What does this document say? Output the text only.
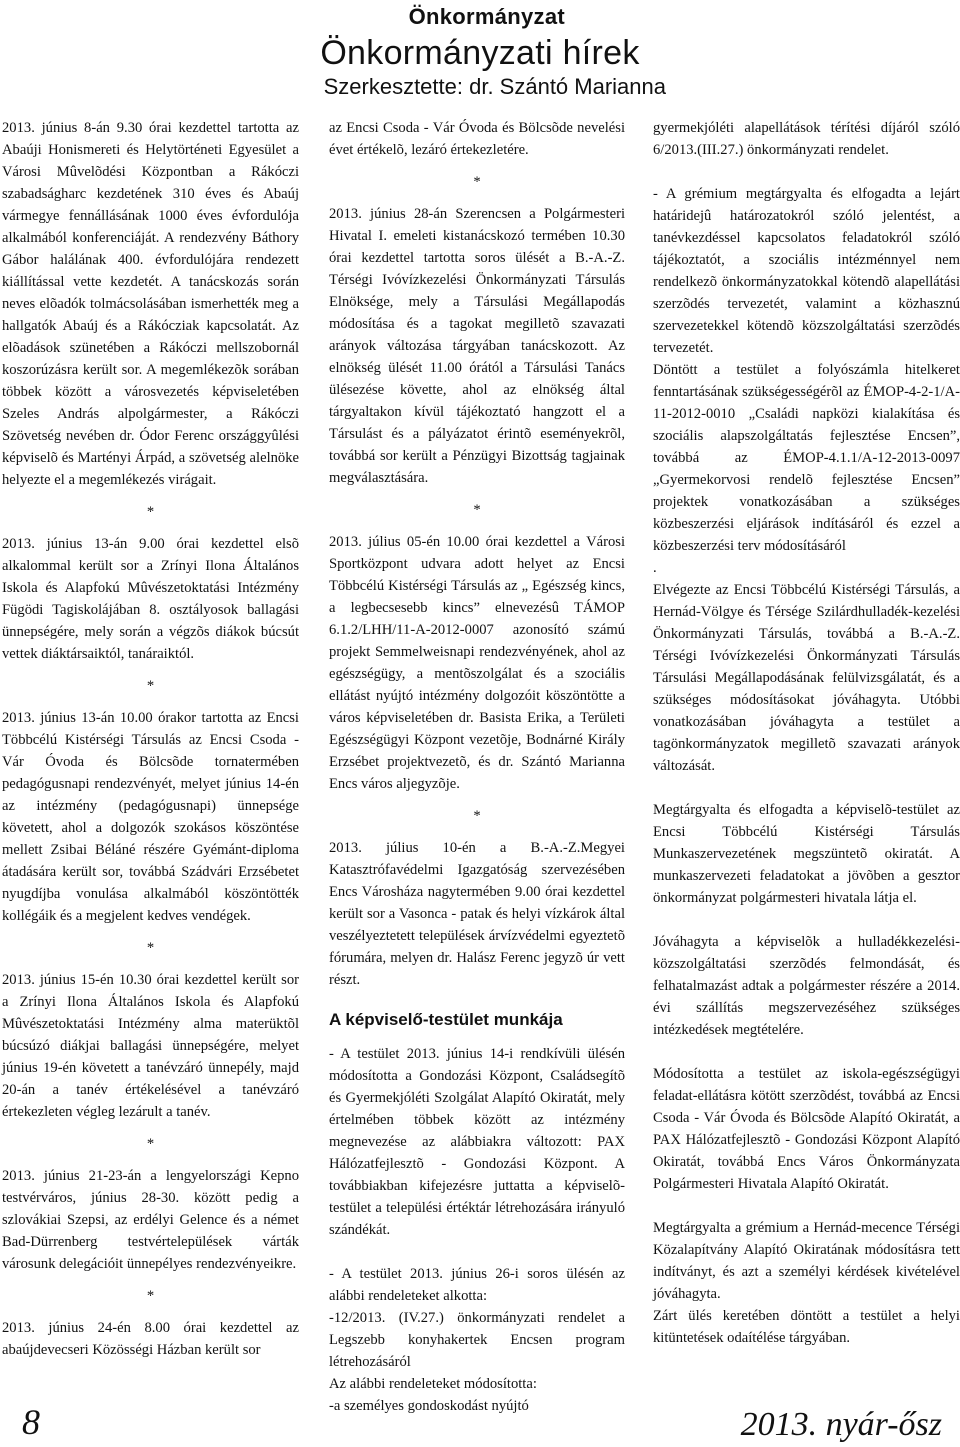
Önkormányzat
Önkormányzati hírek
Szerkesztette: dr. Szántó Marianna

2013. június 8-án 9.30 órai kezdettel tartotta az Abaúji Honismereti és Helytörténeti Egyesület a Városi Mûvelõdési Központban a Rákóczi szabadságharc kezdetének 310 éves és Abaúj vármegye fennállásának 1000 éves évfordulója alkalmából konferenciáját. A rendezvény Báthory Gábor halálának 400. évfordulójára rendezett kiállítással vette kezdetét. A tanácskozás során neves elõadók tolmácsolásában ismerhették meg a hallgatók Abaúj és a Rákócziak kapcsolatát. Az elõadások szünetében a Rákóczi mellszobornál koszorúzásra került sor. A megemlékezõk sorában többek között a városvezetés képviseletében Szeles András alpolgármester, a Rákóczi Szövetség nevében dr. Ódor Ferenc országgyûlési képviselõ és Martényi Árpád, a szövetség alelnöke helyezte el a megemlékezés virágait.

*

2013. június 13-án 9.00 órai kezdettel elsõ alkalommal került sor a Zrínyi Ilona Általános Iskola és Alapfokú Mûvészetoktatási Intézmény Fügödi Tagiskolájában 8. osztályosok ballagási ünnepségére, mely során a végzõs diákok búcsút vettek diáktársaiktól, tanáraiktól.

*

2013. június 13-án 10.00 órakor tartotta az Encsi Többcélú Kistérségi Társulás az Encsi Csoda - Vár Óvoda és Bölcsõde tornatermében pedagógusnapi rendezvényét, melyet június 14-én az intézmény (pedagógusnapi) ünnepsége követett, ahol a dolgozók szokásos köszöntése mellett Zsibai Béláné részére Gyémánt-diploma átadására került sor, továbbá Szádvári Erzsébetet nyugdíjba vonulása alkalmából köszöntötték kollégáik és a megjelent kedves vendégek.

*

2013. június 15-én 10.30 órai kezdettel került sor a Zrínyi Ilona Általános Iskola és Alapfokú Mûvészetoktatási Intézmény alma materüktõl búcsúzó diákjai ballagási ünnepségére, melyet június 19-én követett a tanévzáró ünnepély, majd 20-án a tanév értékelésével a tanévzáró értekezleten végleg lezárult a tanév.

*

2013. június 21-23-án a lengyelországi Kepno testvérváros, június 28-30. között pedig a szlovákiai Szepsi, az erdélyi Gelence és a német Bad-Dürrenberg testvértelepülések várták városunk delegációit ünnepélyes rendezvényeikre.

*

2013. június 24-én 8.00 órai kezdettel az abaújdevecseri Közösségi Házban került sor

az Encsi Csoda - Vár Óvoda és Bölcsõde nevelési évet értékelõ, lezáró értekezletére.

*

2013. június 28-án Szerencsen a Polgármesteri Hivatal I. emeleti kistanácskozó termében 10.30 órai kezdettel tartotta soros ülését a B.-A.-Z. Térségi Ivóvízkezelési Önkormányzati Társulás Elnöksége, mely a Társulási Megállapodás módosítása és a tagokat megilletõ szavazati arányok változása tárgyában tanácskozott. Az elnökség ülését 11.00 órától a Társulási Tanács ülésezése követte, ahol az elnökség által tárgyaltakon kívül tájékoztató hangzott el a Társulást és a pályázatot érintõ eseményekrõl, továbbá sor került a Pénzügyi Bizottság tagjainak megválasztására.

*

2013. július 05-én 10.00 órai kezdettel a Városi Sportközpont udvara adott helyet az Encsi Többcélú Kistérségi Társulás az „ Egészség kincs, a legbecsesebb kincs” elnevezésû TÁMOP 6.1.2/LHH/11-A-2012-0007 azonosító számú projekt Semmelweisnapi rendezvényének, ahol az egészségügy, a mentõszolgálat és a szociális ellátást nyújtó intézmény dolgozóit köszöntötte a város képviseletében dr. Basista Erika, a Területi Egészségügyi Központ vezetõje, Bodnárné Király Erzsébet projektvezetõ, és dr. Szántó Marianna Encs város aljegyzõje.

*

2013. július 10-én a B.-A.-Z.Megyei Katasztrófavédelmi Igazgatóság szervezésében Encs Városháza nagytermében 9.00 órai kezdettel került sor a Vasonca - patak és helyi vízkárok által veszélyeztetett települések árvízvédelmi egyeztetõ fórumára, melyen dr. Halász Ferenc jegyzõ úr vett részt.

A képviselő-testület munkája

- A testület 2013. június 14-i rendkívüli ülésén módosította a Gondozási Központ, Családsegítõ és Gyermekjóléti Szolgálat Alapító Okiratát, mely értelmében többek között az intézmény megnevezése az alábbiakra változott: PAX Hálózatfejlesztõ - Gondozási Központ. A továbbiakban kifejezésre juttatta a képviselõ-testület a települési értéktár létrehozására irányuló szándékát.

- A testület 2013. június 26-i soros ülésén az alábbi rendeleteket alkotta:

-12/2013. (IV.27.) önkormányzati rendelet a Legszebb konyhakertek Encsen program létrehozásáról

Az alábbi rendeleteket módosította:

-a személyes gondoskodást nyújtó

gyermekjóléti alapellátások térítési díjáról szóló 6/2013.(III.27.) önkormányzati rendelet.

- A grémium megtárgyalta és elfogadta a lejárt határidejû határozatokról szóló jelentést, a tanévkezdéssel kapcsolatos feladatokról szóló tájékoztatót, a szociális intézménnyel nem rendelkezõ önkormányzatokkal kötendõ alapellátási szerzõdés tervezetét, valamint a közhasznú szervezetekkel kötendõ közszolgáltatási szerzõdés tervezetét.

Döntött a testület a folyószámla hitelkeret fenntartásának szükségességérõl az ÉMOP-4-2-1/A-11-2012-0010 „Családi napközi kialakítása és szociális alapszolgáltatás fejlesztése Encsen”, továbbá az ÉMOP-4.1.1/A-12-2013-0097 „Gyermekorvosi rendelõ fejlesztése Encsen” projektek vonatkozásában a szükséges közbeszerzési eljárások indításáról és ezzel a közbeszerzési terv módosításáról

.

Elvégezte az Encsi Többcélú Kistérségi Társulás, a Hernád-Völgye és Térsége Szilárdhulladék-kezelési Önkormányzati Társulás, továbbá a B.-A.-Z. Térségi Ivóvízkezelési Önkormányzati Társulás Társulási Megállapodásának felülvizsgálatát, és a szükséges módosításokat jóváhagyta. Utóbbi vonatkozásában jóváhagyta a testület a tagönkormányzatok megilletõ szavazati arányok változását.

Megtárgyalta és elfogadta a képviselõ-testület az Encsi Többcélú Kistérségi Társulás Munkaszervezetének megszüntetõ okiratát. A munkaszervezeti feladatokat a jövõben a gesztor önkormányzat polgármesteri hivatala látja el.

Jóváhagyta a képviselõk a hulladékkezelési-közszolgáltatási szerzõdés felmondását, és felhatalmazást adtak a polgármester részére a 2014. évi szállítás megszervezéséhez szükséges intézkedések megtételére.

Módosította a testület az iskola-egészségügyi feladat-ellátásra kötött szerzõdést, továbbá az Encsi Csoda - Vár Óvoda és Bölcsõde Alapító Okiratát, a PAX Hálózatfejlesztõ - Gondozási Központ Alapító Okiratát, továbbá Encs Város Önkormányzata Polgármesteri Hivatala Alapító Okiratát.

Megtárgyalta a grémium a Hernád-mecence Térségi Közalapítvány Alapító Okiratának módosításra tett indítványt, és azt a személyi kérdések kivételével jóváhagyta.

Zárt ülés keretében döntött a testület a helyi kitüntetések odaítélése tárgyában.

8	2013. nyár-ősz
